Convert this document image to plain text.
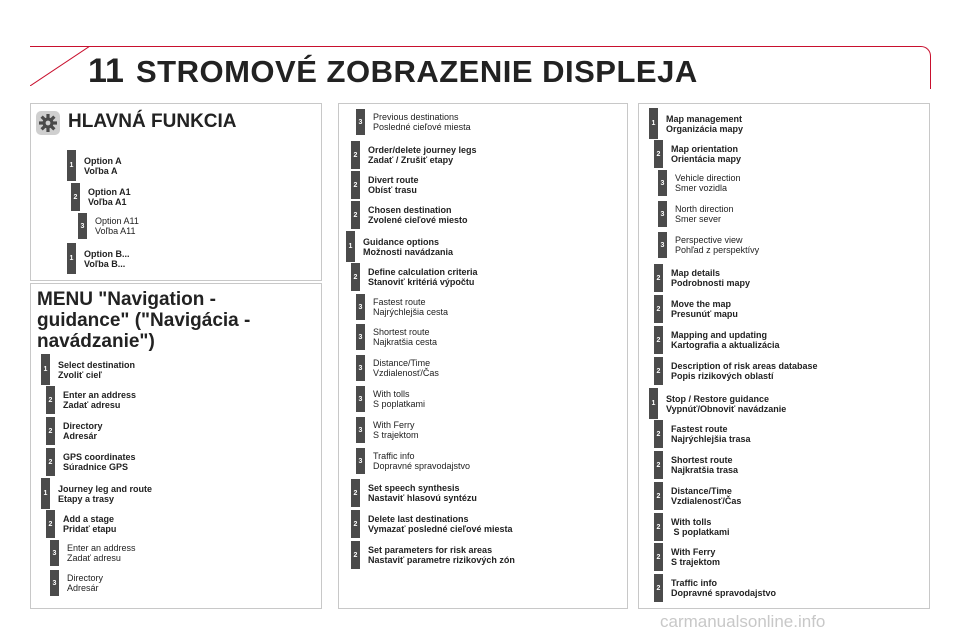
11 STROMOVÉ ZOBRAZENIE DISPLEJA
HLAVNÁ FUNKCIA
1 Option A
Voľba A
2 Option A1
Voľba A1
3 Option A11
Voľba A11
1 Option B...
Voľba B...
MENU "Navigation -
guidance" ("Navigácia -
navádzanie")
1 Select destination
Zvoliť cieľ
2 Enter an address
Zadať adresu
2 Directory
Adresár
2 GPS coordinates
Súradnice GPS
1 Journey leg and route
Etapy a trasy
2 Add a stage
Pridať etapu
3 Enter an address
Zadať adresu
3 Directory
Adresár
3 Previous destinations
Posledné cieľové miesta
2 Order/delete journey legs
Zadať / Zrušiť etapy
2 Divert route
Obísť trasu
2 Chosen destination
Zvolené cieľové miesto
1 Guidance options
Možnosti navádzania
2 Define calculation criteria
Stanoviť kritériá výpočtu
3 Fastest route
Najrýchlejšia cesta
3 Shortest route
Najkratšia cesta
3 Distance/Time
Vzdialenosť/Čas
3 With tolls
S poplatkami
3 With Ferry
S trajektom
3 Traffic info
Dopravné spravodajstvo
2 Set speech synthesis
Nastaviť hlasovú syntézu
2 Delete last destinations
Vymazať posledné cieľové miesta
2 Set parameters for risk areas
Nastaviť parametre rizikových zón
1 Map management
Organizácia mapy
2 Map orientation
Orientácia mapy
3 Vehicle direction
Smer vozidla
3 North direction
Smer sever
3 Perspective view
Pohľad z perspektívy
2 Map details
Podrobnosti mapy
2 Move the map
Presunúť mapu
2 Mapping and updating
Kartografia a aktualizácia
2 Description of risk areas database
Popis rizikových oblastí
1 Stop / Restore guidance
Vypnúť/Obnoviť navádzanie
2 Fastest route
Najrýchlejšia trasa
2 Shortest route
Najkratšia trasa
2 Distance/Time
Vzdialenosť/Čas
2 With tolls
S poplatkami
2 With Ferry
S trajektom
2 Traffic info
Dopravné spravodajstvo
carmanualsonline.info
